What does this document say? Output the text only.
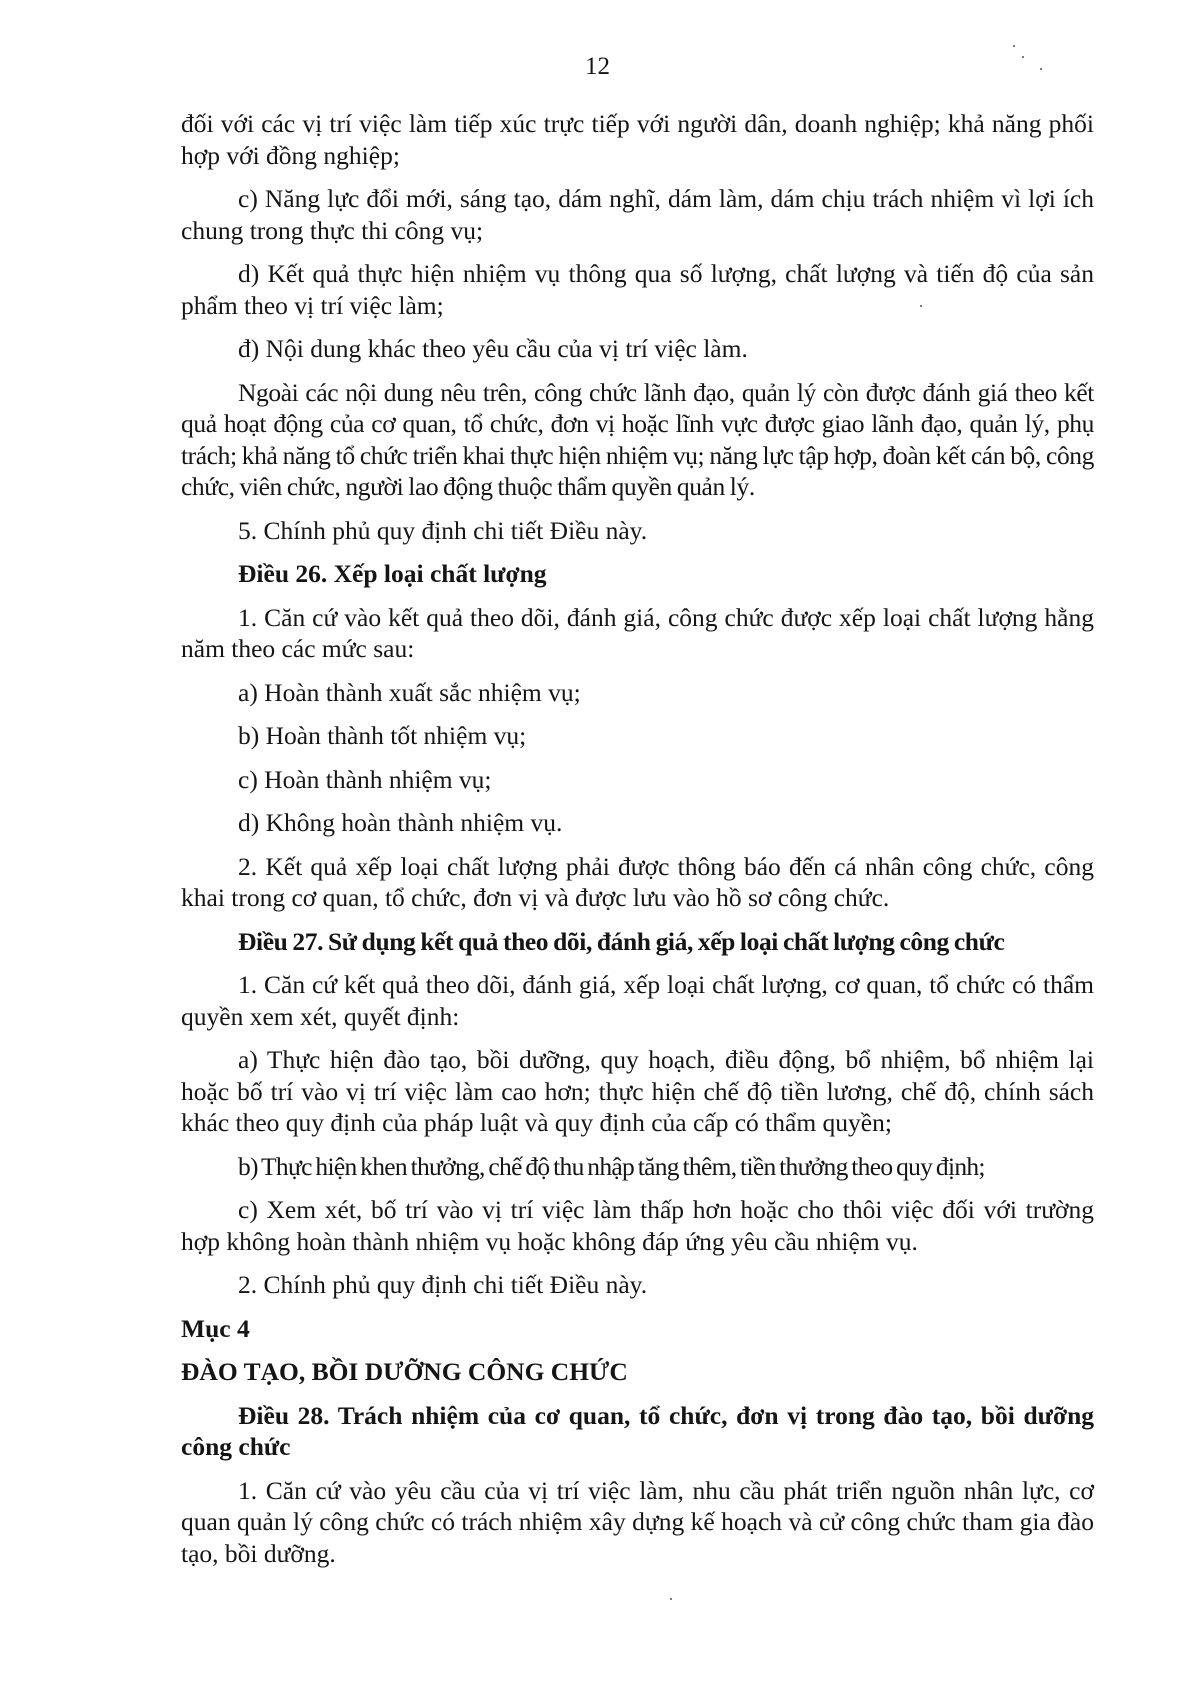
12

đối với các vị trí việc làm tiếp xúc trực tiếp với người dân, doanh nghiệp; khả năng phối hợp với đồng nghiệp;

c) Năng lực đổi mới, sáng tạo, dám nghĩ, dám làm, dám chịu trách nhiệm vì lợi ích chung trong thực thi công vụ;

d) Kết quả thực hiện nhiệm vụ thông qua số lượng, chất lượng và tiến độ của sản phẩm theo vị trí việc làm;

đ) Nội dung khác theo yêu cầu của vị trí việc làm.

Ngoài các nội dung nêu trên, công chức lãnh đạo, quản lý còn được đánh giá theo kết quả hoạt động của cơ quan, tổ chức, đơn vị hoặc lĩnh vực được giao lãnh đạo, quản lý, phụ trách; khả năng tổ chức triển khai thực hiện nhiệm vụ; năng lực tập hợp, đoàn kết cán bộ, công chức, viên chức, người lao động thuộc thẩm quyền quản lý.

5. Chính phủ quy định chi tiết Điều này.

Điều 26. Xếp loại chất lượng

1. Căn cứ vào kết quả theo dõi, đánh giá, công chức được xếp loại chất lượng hằng năm theo các mức sau:

a) Hoàn thành xuất sắc nhiệm vụ;

b) Hoàn thành tốt nhiệm vụ;

c) Hoàn thành nhiệm vụ;

d) Không hoàn thành nhiệm vụ.

2. Kết quả xếp loại chất lượng phải được thông báo đến cá nhân công chức, công khai trong cơ quan, tổ chức, đơn vị và được lưu vào hồ sơ công chức.

Điều 27. Sử dụng kết quả theo dõi, đánh giá, xếp loại chất lượng công chức

1. Căn cứ kết quả theo dõi, đánh giá, xếp loại chất lượng, cơ quan, tổ chức có thẩm quyền xem xét, quyết định:

a) Thực hiện đào tạo, bồi dưỡng, quy hoạch, điều động, bổ nhiệm, bổ nhiệm lại hoặc bố trí vào vị trí việc làm cao hơn; thực hiện chế độ tiền lương, chế độ, chính sách khác theo quy định của pháp luật và quy định của cấp có thẩm quyền;

b) Thực hiện khen thưởng, chế độ thu nhập tăng thêm, tiền thưởng theo quy định;

c) Xem xét, bố trí vào vị trí việc làm thấp hơn hoặc cho thôi việc đối với trường hợp không hoàn thành nhiệm vụ hoặc không đáp ứng yêu cầu nhiệm vụ.

2. Chính phủ quy định chi tiết Điều này.

Mục 4

ĐÀO TẠO, BỒI DƯỠNG CÔNG CHỨC

Điều 28. Trách nhiệm của cơ quan, tổ chức, đơn vị trong đào tạo, bồi dưỡng công chức

1. Căn cứ vào yêu cầu của vị trí việc làm, nhu cầu phát triển nguồn nhân lực, cơ quan quản lý công chức có trách nhiệm xây dựng kế hoạch và cử công chức tham gia đào tạo, bồi dưỡng.
